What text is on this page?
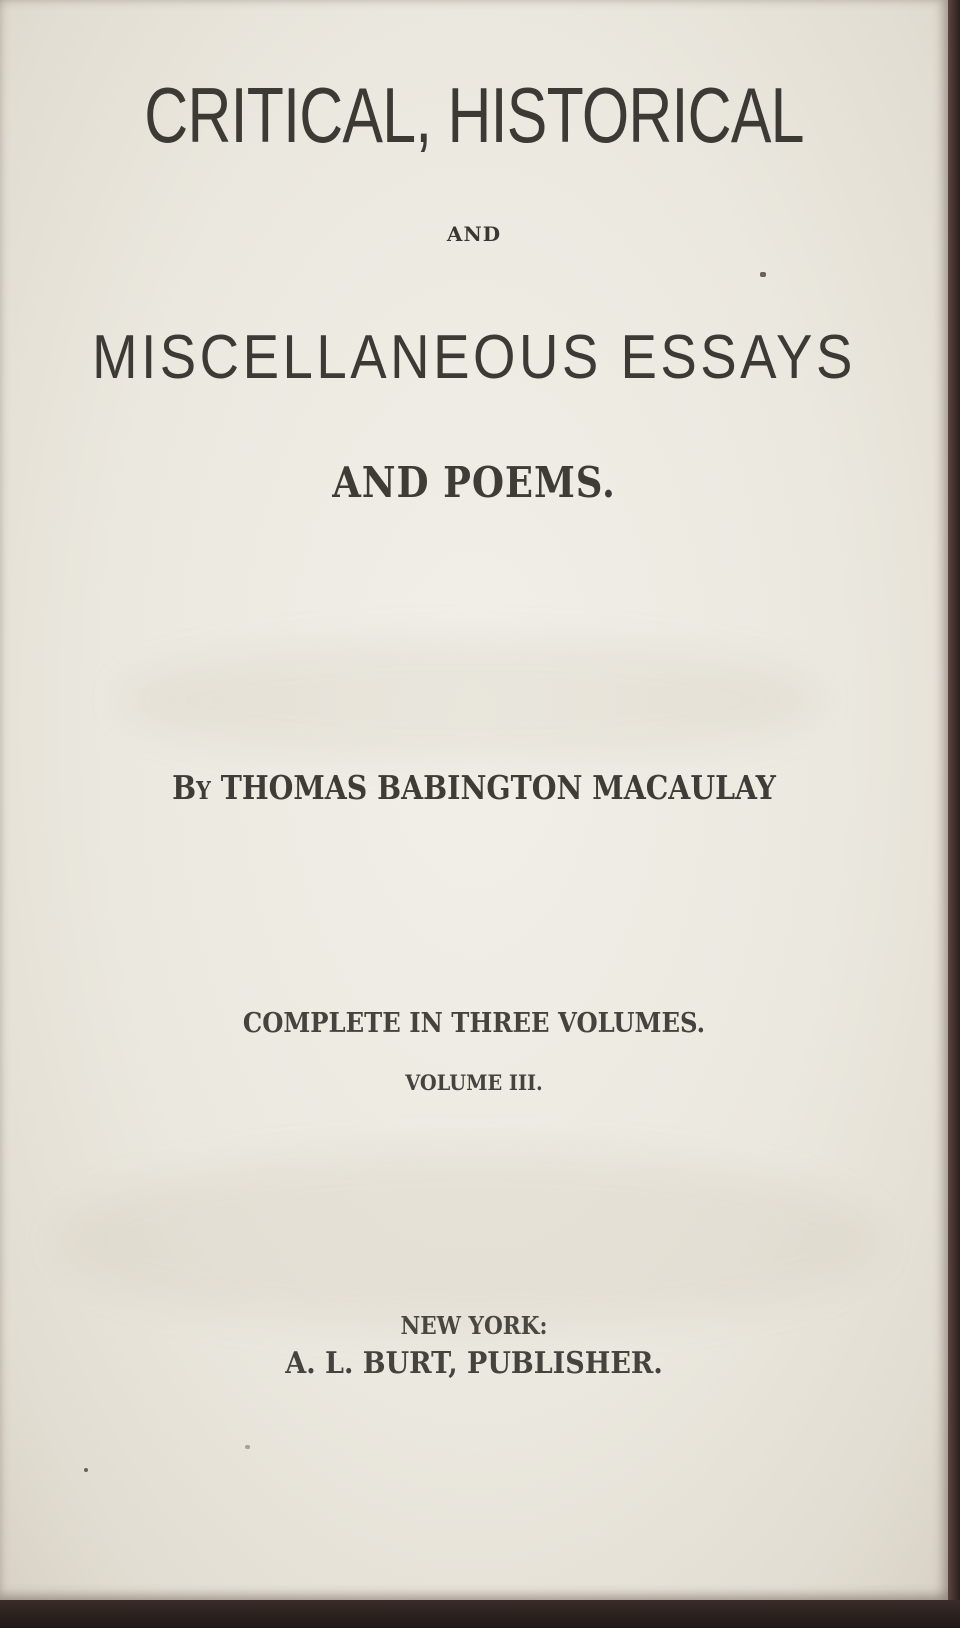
CRITICAL, HISTORICAL
AND
MISCELLANEOUS ESSAYS
AND POEMS.
BY THOMAS BABINGTON MACAULAY
COMPLETE IN THREE VOLUMES.
VOLUME III.
NEW YORK:
A. L. BURT, PUBLISHER.
